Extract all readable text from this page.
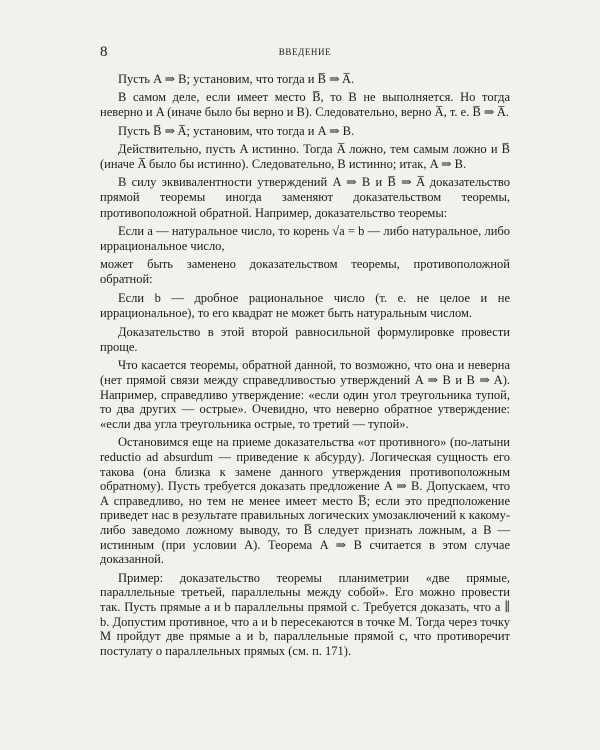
8	ВВЕДЕНИЕ

Пусть A ⇒ B; установим, что тогда и B̅ ⇒ A̅.

В самом деле, если имеет место B̅, то B не выполняется. Но тогда неверно и A (иначе было бы верно и B). Следовательно, верно A̅, т. е. B̅ ⇒ A̅.

Пусть B̅ ⇒ A̅; установим, что тогда и A ⇒ B.

Действительно, пусть A истинно. Тогда A̅ ложно, тем самым ложно и B̅ (иначе A̅ было бы истинно). Следовательно, B истинно; итак, A ⇒ B.

В силу эквивалентности утверждений A ⇒ B и B̅ ⇒ A̅ доказательство прямой теоремы иногда заменяют доказательством теоремы, противоположной обратной. Например, доказательство теоремы:

Если a — натуральное число, то корень √a = b — либо натуральное, либо иррациональное число,

может быть заменено доказательством теоремы, противоположной обратной:

Если b — дробное рациональное число (т. е. не целое и не иррациональное), то его квадрат не может быть натуральным числом.

Доказательство в этой второй равносильной формулировке провести проще.

Что касается теоремы, обратной данной, то возможно, что она и неверна (нет прямой связи между справедливостью утверждений A ⇒ B и B ⇒ A). Например, справедливо утверждение: «если один угол треугольника тупой, то два других — острые». Очевидно, что неверно обратное утверждение: «если два угла треугольника острые, то третий — тупой».

Остановимся еще на приеме доказательства «от противного» (по-латыни reductio ad absurdum — приведение к абсурду). Логическая сущность его такова (она близка к замене данного утверждения противоположным обратному). Пусть требуется доказать предложение A ⇒ B. Допускаем, что A справедливо, но тем не менее имеет место B̅; если это предположение приведет нас в результате правильных логических умозаключений к какому-либо заведомо ложному выводу, то B̅ следует признать ложным, а B — истинным (при условии A). Теорема A ⇒ B считается в этом случае доказанной.

Пример: доказательство теоремы планиметрии «две прямые, параллельные третьей, параллельны между собой». Его можно провести так. Пусть прямые a и b параллельны прямой c. Требуется доказать, что a ∥ b. Допустим противное, что a и b пересекаются в точке M. Тогда через точку M пройдут две прямые a и b, параллельные прямой c, что противоречит постулату о параллельных прямых (см. п. 171).
